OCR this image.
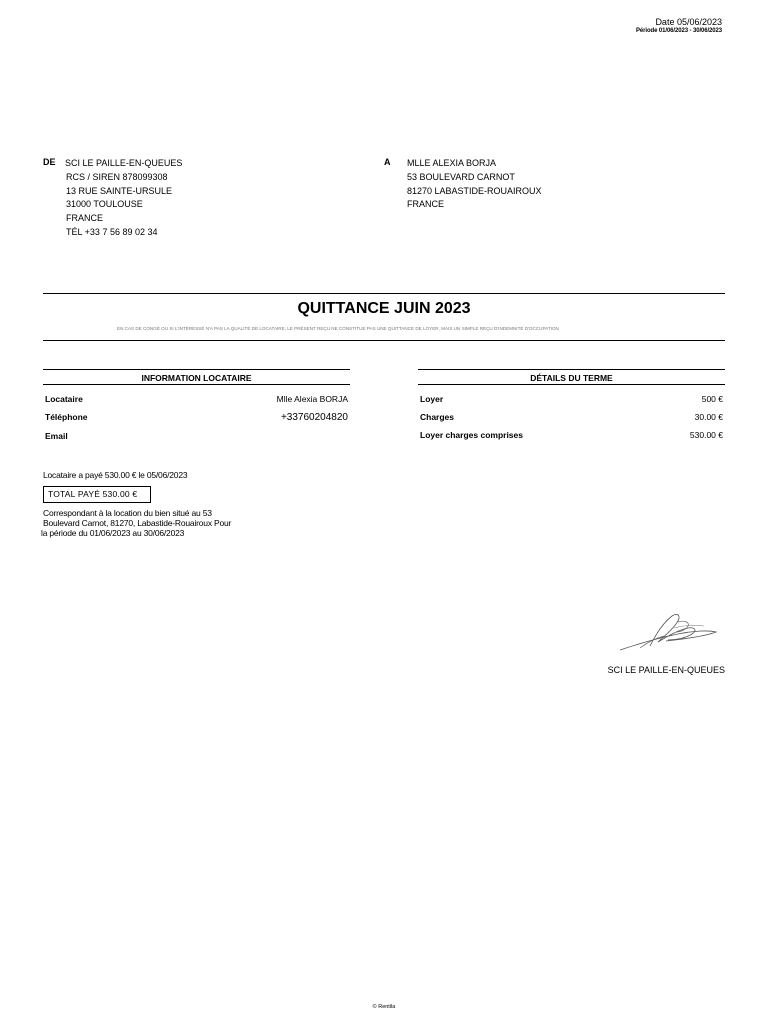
Date 05/06/2023
Période 01/06/2023 - 30/06/2023
DE SCI LE PAILLE-EN-QUEUES
RCS / SIREN 878099308
13 RUE SAINTE-URSULE
31000 TOULOUSE
FRANCE
TÉL +33 7 56 89 02 34
A MLLE ALEXIA BORJA
53 BOULEVARD CARNOT
81270 LABASTIDE-ROUAIROUX
FRANCE
QUITTANCE JUIN 2023
EN CAS DE CONGÉ OU SI L'INTÉRESSÉ N'A PAS LA QUALITÉ DE LOCATAIRE, LE PRÉSENT REÇU NE CONSTITUE PAS UNE QUITTANCE DE LOYER, MAIS UN SIMPLE REÇU D'INDEMNITÉ D'OCCUPATION
INFORMATION LOCATAIRE
Locataire	Mlle Alexia BORJA
Téléphone	+33760204820
Email
DÉTAILS DU TERME
Loyer	500 €
Charges	30.00 €
Loyer charges comprises	530.00 €
Locataire a payé 530.00 € le 05/06/2023
TOTAL PAYÉ 530.00 €
Correspondant à la location du bien situé au 53
Boulevard Carnot, 81270, Labastide-Rouairoux Pour
la période du 01/06/2023 au 30/06/2023
SCI LE PAILLE-EN-QUEUES
© Rentila
